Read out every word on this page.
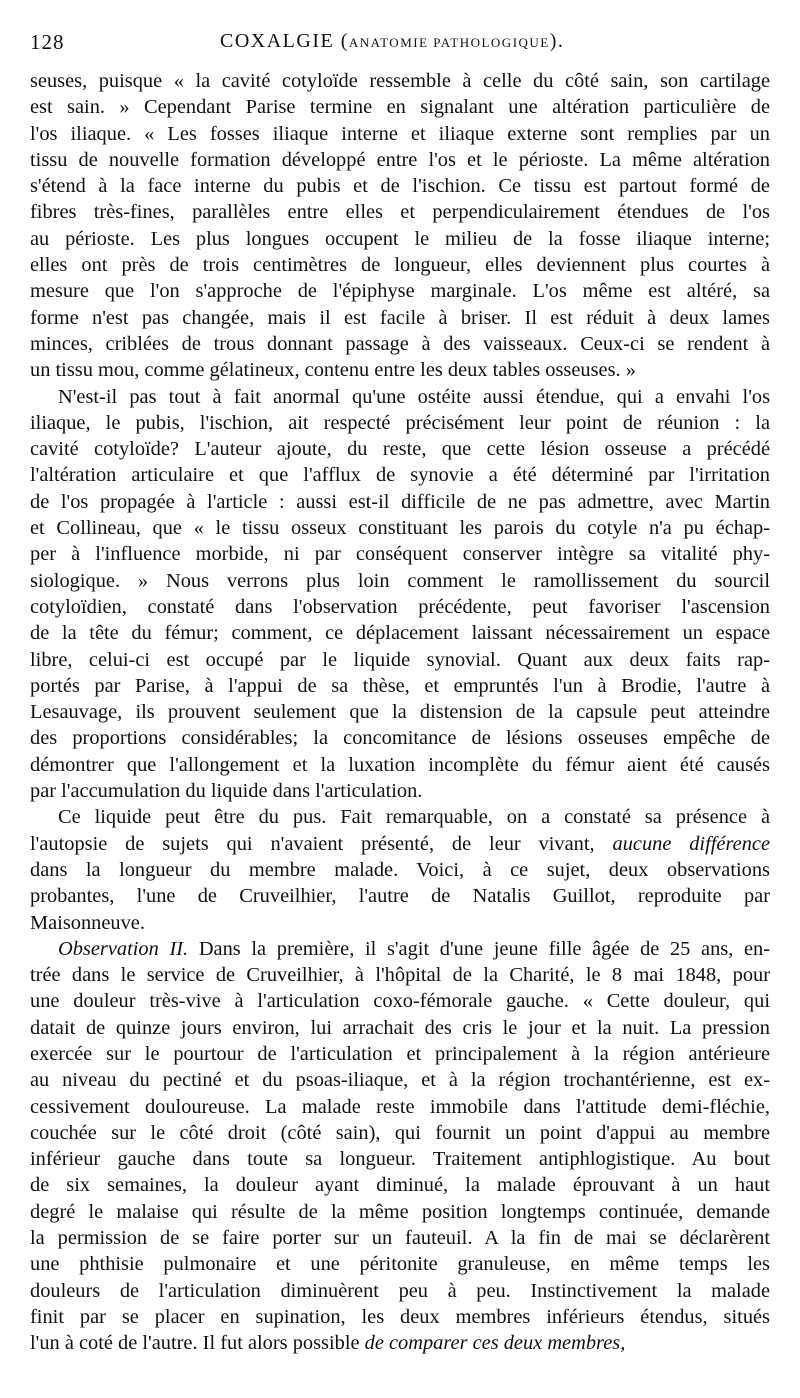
128	COXALGIE (ANATOMIE PATHOLOGIQUE).
seuses, puisque « la cavité cotyloïde ressemble à celle du côté sain, son cartilage
est sain. » Cependant Parise termine en signalant une altération particulière de
l'os iliaque. « Les fosses iliaque interne et iliaque externe sont remplies par un
tissu de nouvelle formation développé entre l'os et le périoste. La même altération
s'étend à la face interne du pubis et de l'ischion. Ce tissu est partout formé de
fibres très-fines, parallèles entre elles et perpendiculairement étendues de l'os
au périoste. Les plus longues occupent le milieu de la fosse iliaque interne;
elles ont près de trois centimètres de longueur, elles deviennent plus courtes à
mesure que l'on s'approche de l'épiphyse marginale. L'os même est altéré, sa
forme n'est pas changée, mais il est facile à briser. Il est réduit à deux lames
minces, criblées de trous donnant passage à des vaisseaux. Ceux-ci se rendent à
un tissu mou, comme gélatineux, contenu entre les deux tables osseuses. »
N'est-il pas tout à fait anormal qu'une ostéite aussi étendue, qui a envahi l'os
iliaque, le pubis, l'ischion, ait respecté précisément leur point de réunion : la
cavité cotyloïde? L'auteur ajoute, du reste, que cette lésion osseuse a précédé
l'altération articulaire et que l'afflux de synovie a été déterminé par l'irritation
de l'os propagée à l'article : aussi est-il difficile de ne pas admettre, avec Martin
et Collineau, que « le tissu osseux constituant les parois du cotyle n'a pu échap-
per à l'influence morbide, ni par conséquent conserver intègre sa vitalité phy-
siologique. » Nous verrons plus loin comment le ramollissement du sourcil
cotyloïdien, constaté dans l'observation précédente, peut favoriser l'ascension
de la tête du fémur; comment, ce déplacement laissant nécessairement un espace
libre, celui-ci est occupé par le liquide synovial. Quant aux deux faits rap-
portés par Parise, à l'appui de sa thèse, et empruntés l'un à Brodie, l'autre à
Lesauvage, ils prouvent seulement que la distension de la capsule peut atteindre
des proportions considérables; la concomitance de lésions osseuses empêche de
démontrer que l'allongement et la luxation incomplète du fémur aient été causés
par l'accumulation du liquide dans l'articulation.
Ce liquide peut être du pus. Fait remarquable, on a constaté sa présence à
l'autopsie de sujets qui n'avaient présenté, de leur vivant, aucune différence
dans la longueur du membre malade. Voici, à ce sujet, deux observations
probantes, l'une de Cruveilhier, l'autre de Natalis Guillot, reproduite par
Maisonneuve.
Observation II. Dans la première, il s'agit d'une jeune fille âgée de 25 ans, en-
trée dans le service de Cruveilhier, à l'hôpital de la Charité, le 8 mai 1848, pour
une douleur très-vive à l'articulation coxo-fémorale gauche. « Cette douleur, qui
datait de quinze jours environ, lui arrachait des cris le jour et la nuit. La pression
exercée sur le pourtour de l'articulation et principalement à la région antérieure
au niveau du pectiné et du psoas-iliaque, et à la région trochantérienne, est ex-
cessivement douloureuse. La malade reste immobile dans l'attitude demi-fléchie,
couchée sur le côté droit (côté sain), qui fournit un point d'appui au membre
inférieur gauche dans toute sa longueur. Traitement antiphlogistique. Au bout
de six semaines, la douleur ayant diminué, la malade éprouvant à un haut
degré le malaise qui résulte de la même position longtemps continuée, demande
la permission de se faire porter sur un fauteuil. A la fin de mai se déclarèrent
une phthisie pulmonaire et une péritonite granuleuse, en même temps les
douleurs de l'articulation diminuèrent peu à peu. Instinctivement la malade
finit par se placer en supination, les deux membres inférieurs étendus, situés
l'un à coté de l'autre. Il fut alors possible de comparer ces deux membres,
